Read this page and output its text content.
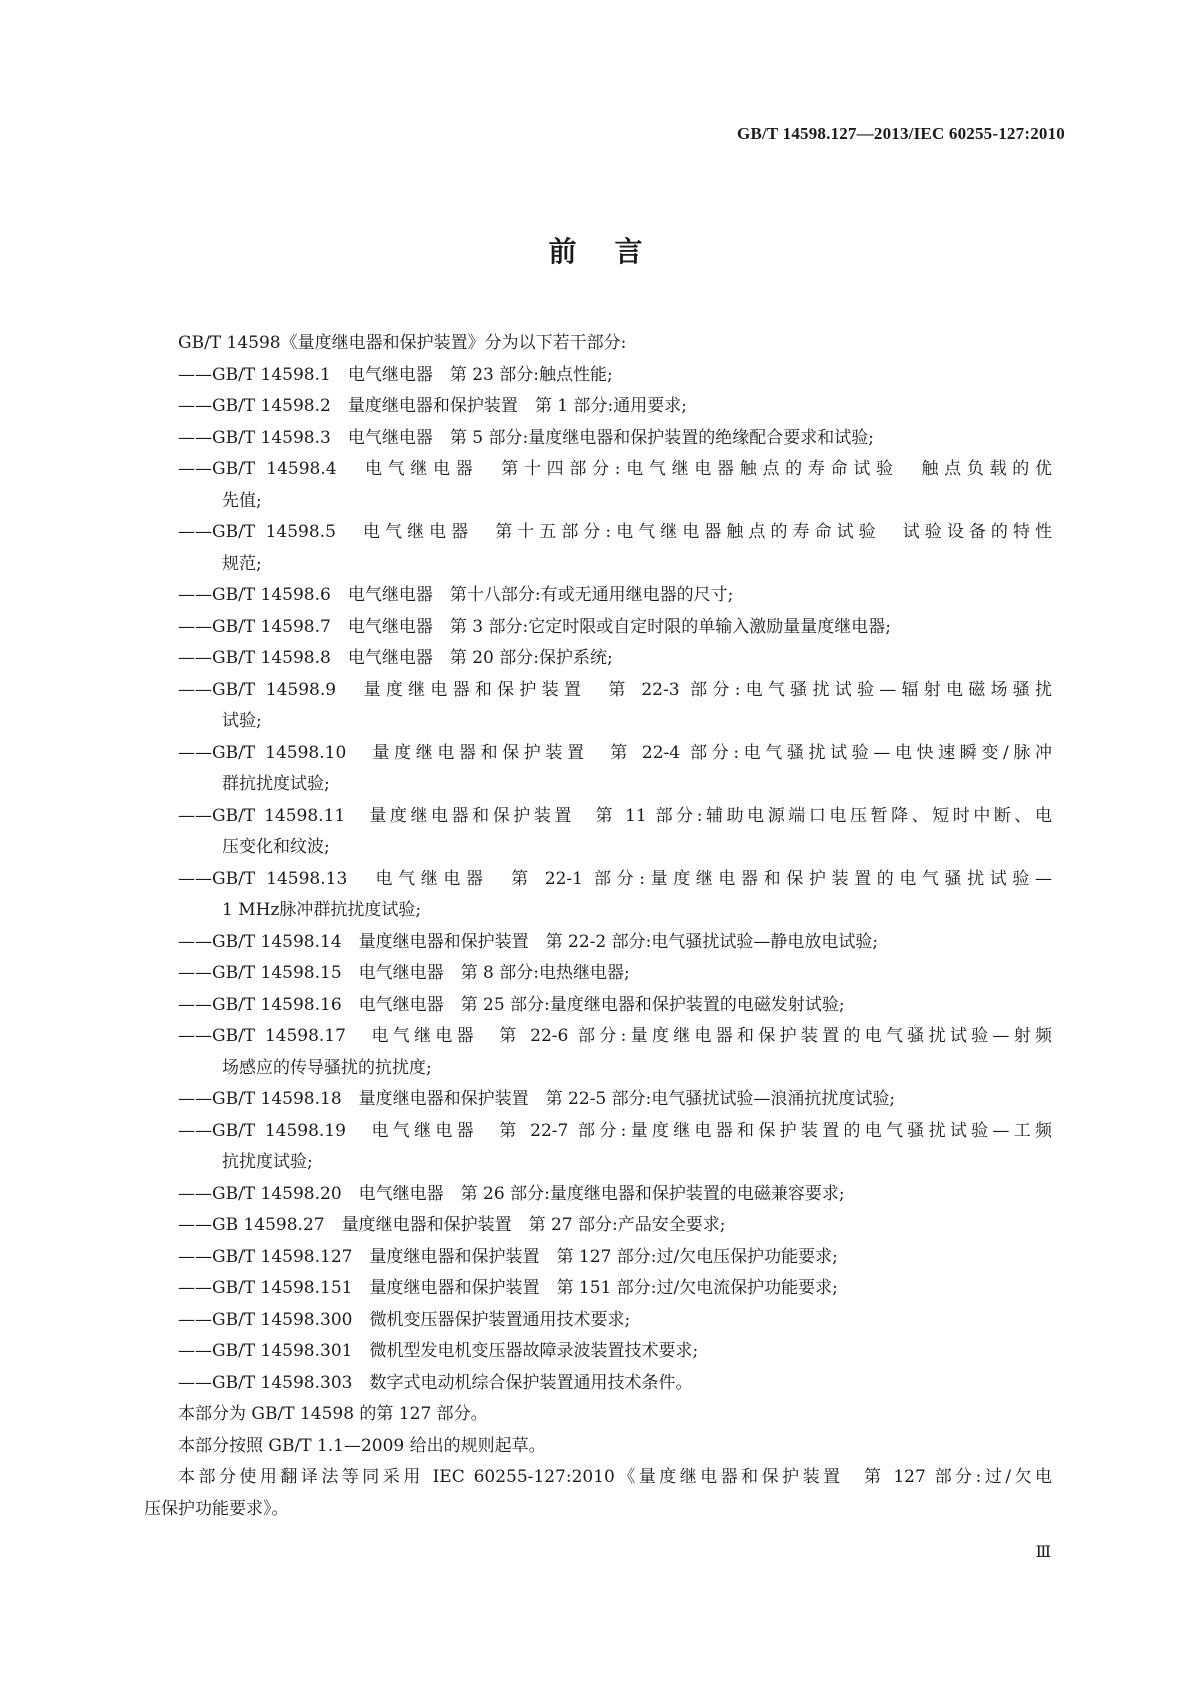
GB/T 14598.127—2013/IEC 60255-127:2010
前言
GB/T 14598《量度继电器和保护装置》分为以下若干部分:
——GB/T 14598.1　电气继电器　第 23 部分:触点性能;
——GB/T 14598.2　量度继电器和保护装置　第 1 部分:通用要求;
——GB/T 14598.3　电气继电器　第 5 部分:量度继电器和保护装置的绝缘配合要求和试验;
——GB/T 14598.4　电气继电器　第十四部分:电气继电器触点的寿命试验　触点负载的优
先值;
——GB/T 14598.5　电气继电器　第十五部分:电气继电器触点的寿命试验　试验设备的特性
规范;
——GB/T 14598.6　电气继电器　第十八部分:有或无通用继电器的尺寸;
——GB/T 14598.7　电气继电器　第 3 部分:它定时限或自定时限的单输入激励量量度继电器;
——GB/T 14598.8　电气继电器　第 20 部分:保护系统;
——GB/T 14598.9　量度继电器和保护装置　第 22-3 部分:电气骚扰试验—辐射电磁场骚扰
试验;
——GB/T 14598.10　量度继电器和保护装置　第 22-4 部分:电气骚扰试验—电快速瞬变/脉冲
群抗扰度试验;
——GB/T 14598.11　量度继电器和保护装置　第 11 部分:辅助电源端口电压暂降、短时中断、电
压变化和纹波;
——GB/T 14598.13　电气继电器　第 22-1 部分:量度继电器和保护装置的电气骚扰试验—
1 MHz脉冲群抗扰度试验;
——GB/T 14598.14　量度继电器和保护装置　第 22-2 部分:电气骚扰试验—静电放电试验;
——GB/T 14598.15　电气继电器　第 8 部分:电热继电器;
——GB/T 14598.16　电气继电器　第 25 部分:量度继电器和保护装置的电磁发射试验;
——GB/T 14598.17　电气继电器　第 22-6 部分:量度继电器和保护装置的电气骚扰试验—射频
场感应的传导骚扰的抗扰度;
——GB/T 14598.18　量度继电器和保护装置　第 22-5 部分:电气骚扰试验—浪涌抗扰度试验;
——GB/T 14598.19　电气继电器　第 22-7 部分:量度继电器和保护装置的电气骚扰试验—工频
抗扰度试验;
——GB/T 14598.20　电气继电器　第 26 部分:量度继电器和保护装置的电磁兼容要求;
——GB 14598.27　量度继电器和保护装置　第 27 部分:产品安全要求;
——GB/T 14598.127　量度继电器和保护装置　第 127 部分:过/欠电压保护功能要求;
——GB/T 14598.151　量度继电器和保护装置　第 151 部分:过/欠电流保护功能要求;
——GB/T 14598.300　微机变压器保护装置通用技术要求;
——GB/T 14598.301　微机型发电机变压器故障录波装置技术要求;
——GB/T 14598.303　数字式电动机综合保护装置通用技术条件。
本部分为 GB/T 14598 的第 127 部分。
本部分按照 GB/T 1.1—2009 给出的规则起草。
本部分使用翻译法等同采用 IEC 60255-127:2010《量度继电器和保护装置　第 127 部分:过/欠电
压保护功能要求》。
Ⅲ
